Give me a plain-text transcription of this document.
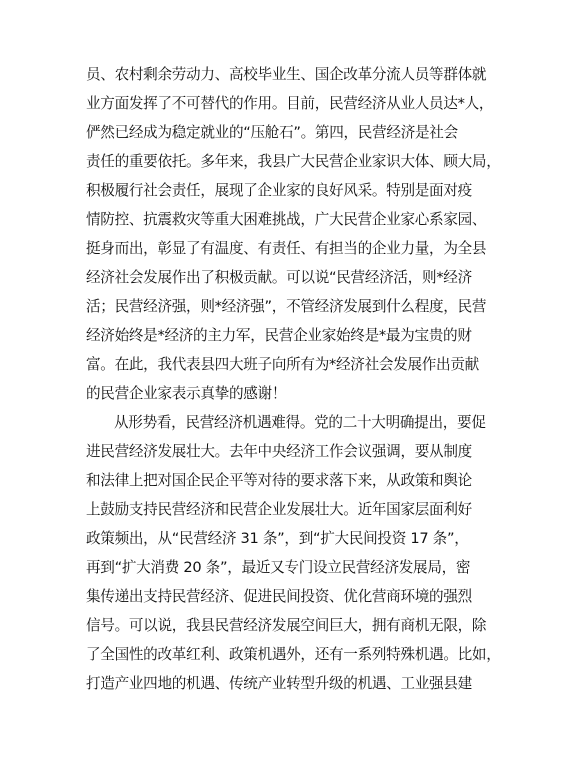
员、农村剩余劳动力、高校毕业生、国企改革分流人员等群体就
业方面发挥了不可替代的作用。目前，民营经济从业人员达*人，
俨然已经成为稳定就业的“压舱石”。第四，民营经济是社会
责任的重要依托。多年来，我县广大民营企业家识大体、顾大局，
积极履行社会责任，展现了企业家的良好风采。特别是面对疫
情防控、抗震救灾等重大困难挑战，广大民营企业家心系家园、
挺身而出，彰显了有温度、有责任、有担当的企业力量，为全县
经济社会发展作出了积极贡献。可以说“民营经济活，则*经济
活；民营经济强，则*经济强”，不管经济发展到什么程度，民营
经济始终是*经济的主力军，民营企业家始终是*最为宝贵的财
富。在此，我代表县四大班子向所有为*经济社会发展作出贡献
的民营企业家表示真挚的感谢！
从形势看，民营经济机遇难得。党的二十大明确提出，要促
进民营经济发展壮大。去年中央经济工作会议强调，要从制度
和法律上把对国企民企平等对待的要求落下来，从政策和舆论
上鼓励支持民营经济和民营企业发展壮大。近年国家层面利好
政策频出，从“民营经济 31 条”，到“扩大民间投资 17 条”，
再到“扩大消费 20 条”，最近又专门设立民营经济发展局，密
集传递出支持民营经济、促进民间投资、优化营商环境的强烈
信号。可以说，我县民营经济发展空间巨大，拥有商机无限，除
了全国性的改革红利、政策机遇外，还有一系列特殊机遇。比如，
打造产业四地的机遇、传统产业转型升级的机遇、工业强县建
